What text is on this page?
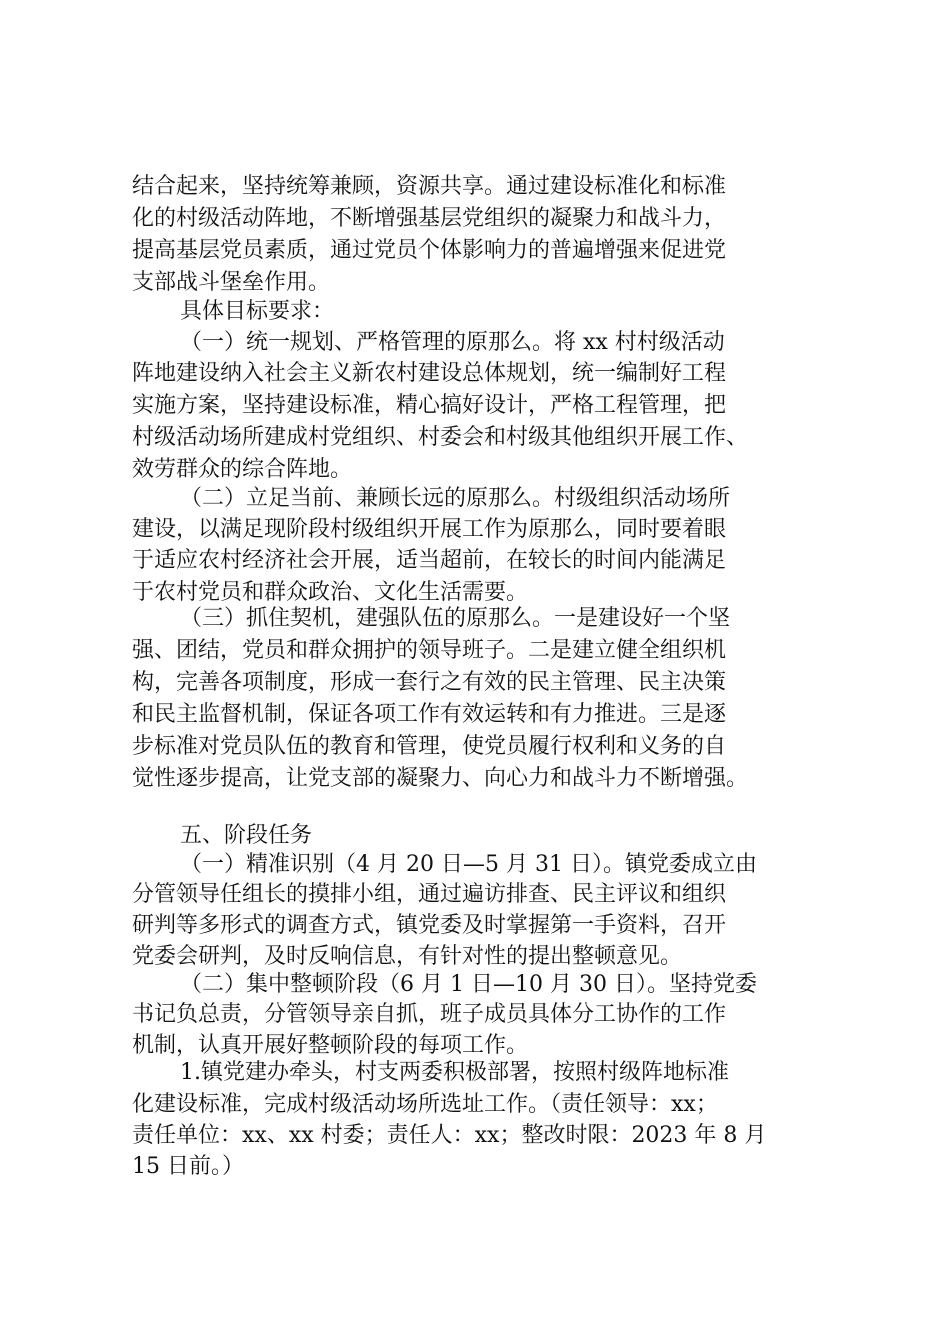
结合起来，坚持统筹兼顾，资源共享。通过建设标准化和标准
化的村级活动阵地，不断增强基层党组织的凝聚力和战斗力，
提高基层党员素质，通过党员个体影响力的普遍增强来促进党
支部战斗堡垒作用。
具体目标要求：
（一）统一规划、严格管理的原那么。将 xx 村村级活动
阵地建设纳入社会主义新农村建设总体规划，统一编制好工程
实施方案，坚持建设标准，精心搞好设计，严格工程管理，把
村级活动场所建成村党组织、村委会和村级其他组织开展工作、
效劳群众的综合阵地。
（二）立足当前、兼顾长远的原那么。村级组织活动场所
建设，以满足现阶段村级组织开展工作为原那么，同时要着眼
于适应农村经济社会开展，适当超前，在较长的时间内能满足
于农村党员和群众政治、文化生活需要。
（三）抓住契机，建强队伍的原那么。一是建设好一个坚
强、团结，党员和群众拥护的领导班子。二是建立健全组织机
构，完善各项制度，形成一套行之有效的民主管理、民主决策
和民主监督机制，保证各项工作有效运转和有力推进。三是逐
步标准对党员队伍的教育和管理，使党员履行权利和义务的自
觉性逐步提高，让党支部的凝聚力、向心力和战斗力不断增强。
五、阶段任务
（一）精准识别（4 月 20 日—5 月 31 日）。镇党委成立由
分管领导任组长的摸排小组，通过遍访排查、民主评议和组织
研判等多形式的调查方式，镇党委及时掌握第一手资料，召开
党委会研判，及时反响信息，有针对性的提出整顿意见。
（二）集中整顿阶段（6 月 1 日—10 月 30 日）。坚持党委
书记负总责，分管领导亲自抓，班子成员具体分工协作的工作
机制，认真开展好整顿阶段的每项工作。
1.镇党建办牵头，村支两委积极部署，按照村级阵地标准
化建设标准，完成村级活动场所选址工作。（责任领导：xx；
责任单位：xx、xx 村委；责任人：xx；整改时限：2023 年 8 月
15 日前。）
